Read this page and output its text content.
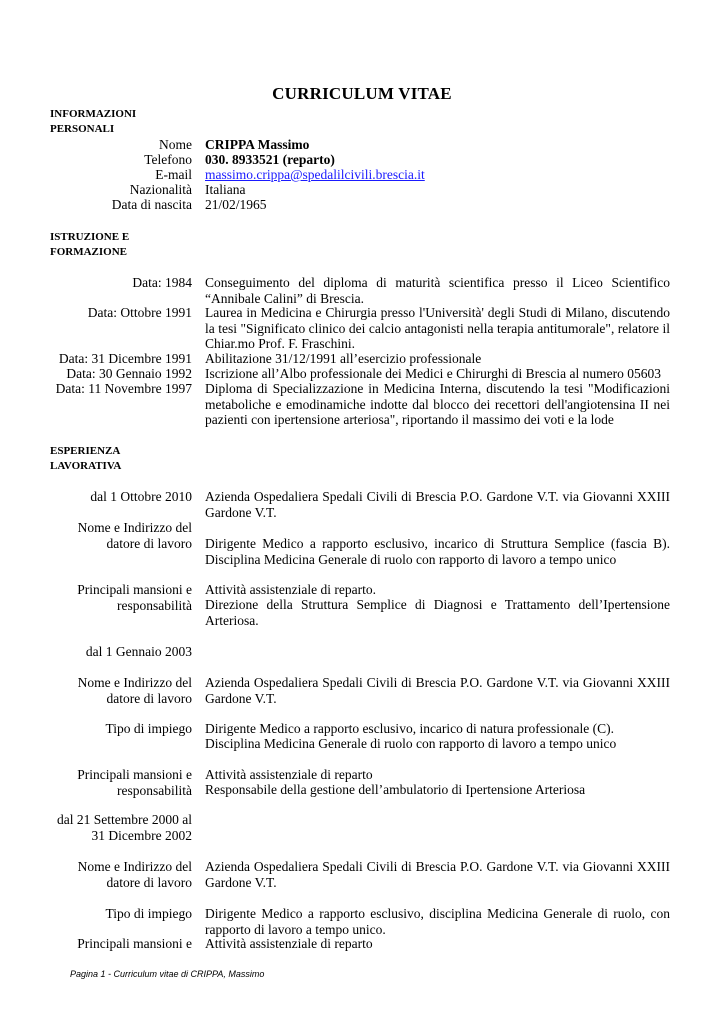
CURRICULUM VITAE
INFORMAZIONI
PERSONALI
Nome CRIPPA Massimo
Telefono 030. 8933521 (reparto)
E-mail massimo.crippa@spedalilcivili.brescia.it
Nazionalità Italiana
Data di nascita 21/02/1965
ISTRUZIONE E
FORMAZIONE
Data: 1984 Conseguimento del diploma di maturità scientifica presso il Liceo Scientifico “Annibale Calini” di Brescia.
Data: Ottobre 1991 Laurea in Medicina e Chirurgia presso l'Università' degli Studi di Milano, discutendo la tesi "Significato clinico dei calcio antagonisti nella terapia antitumorale", relatore il Chiar.mo Prof. F. Fraschini.
Data: 31 Dicembre 1991 Abilitazione 31/12/1991 all’esercizio professionale
Data: 30 Gennaio 1992 Iscrizione all’Albo professionale dei Medici e Chirurghi di Brescia al numero 05603
Data: 11 Novembre 1997 Diploma di Specializzazione in Medicina Interna, discutendo la tesi "Modificazioni metaboliche e emodinamiche indotte dal blocco dei recettori dell'angiotensina II nei pazienti con ipertensione arteriosa", riportando il massimo dei voti e la lode
ESPERIENZA
LAVORATIVA
dal 1 Ottobre 2010 Azienda Ospedaliera Spedali Civili di Brescia P.O. Gardone V.T. via Giovanni XXIII Gardone V.T.
Nome e Indirizzo del datore di lavoro Dirigente Medico a rapporto esclusivo, incarico di Struttura Semplice (fascia B). Disciplina Medicina Generale di ruolo con rapporto di lavoro a tempo unico
Principali mansioni e responsabilità
Attività assistenziale di reparto.
Direzione della Struttura Semplice di Diagnosi e Trattamento dell’Ipertensione Arteriosa.
dal 1 Gennaio 2003
Nome e Indirizzo del datore di lavoro
Azienda Ospedaliera Spedali Civili di Brescia P.O. Gardone V.T. via Giovanni XXIII Gardone V.T.
Tipo di impiego Dirigente Medico a rapporto esclusivo, incarico di natura professionale (C).
Disciplina Medicina Generale di ruolo con rapporto di lavoro a tempo unico
Principali mansioni e responsabilità
Attività assistenziale di reparto
Responsabile della gestione dell’ambulatorio di Ipertensione Arteriosa
dal 21 Settembre 2000 al 31 Dicembre 2002
Nome e Indirizzo del datore di lavoro
Azienda Ospedaliera Spedali Civili di Brescia P.O. Gardone V.T. via Giovanni XXIII Gardone V.T.
Tipo di impiego Dirigente Medico a rapporto esclusivo, disciplina Medicina Generale di ruolo, con rapporto di lavoro a tempo unico.
Principali mansioni e Attività assistenziale di reparto
Pagina 1 - Curriculum vitae di CRIPPA, Massimo
